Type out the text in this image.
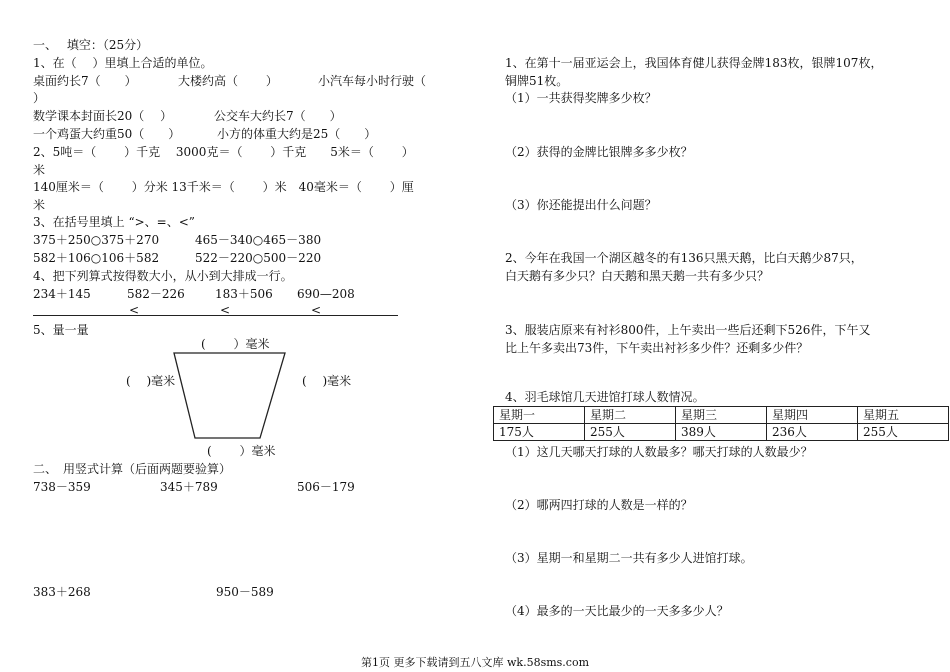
一、　 填空：（25分）
1、在（　 ）里填上合适的单位。
桌面约长7（　　）	大楼约高（　　 ）	小汽车每小时行驶（
）
数学课本封面长20（　 ）	公交车大约长7（　　）
一个鸡蛋大约重50（　　）	小方的体重大约是25（　　）
2、5吨＝（　　 ）千克　 3000克＝（　　 ）千克　　5米＝（　　 ）
米
140厘米＝（　　 ）分米 13千米＝（　　 ）米　40毫米＝（　　 ）厘
米
3、在括号里填上 “>、=、<”
375＋250○375＋270	465－340○465－380
582＋106○106＋582	522－220○500－220
4、把下列算式按得数大小，从小到大排成一行。
234＋145	582－226	183＋506 690—208
<	<	<
5、量一量
(　　 ）毫米
(　 )毫米	(　 )毫米
(　　 ）毫米
二、　用竖式计算（后面两题要验算）
738－359	345＋789	506－179
383＋268	950－589
1、在第十一届亚运会上，我国体育健儿获得金牌183枚，银牌107枚，
铜牌51枚。
（1）一共获得奖牌多少枚？
（2）获得的金牌比银牌多多少枚？
（3）你还能提出什么问题？
2、今年在我国一个湖区越冬的有136只黑天鹅，比白天鹅少87只，
白天鹅有多少只？白天鹅和黑天鹅一共有多少只？
3、服装店原来有衬衫800件，上午卖出一些后还剩下526件，下午又
比上午多卖出73件，下午卖出衬衫多少件？还剩多少件？
4、羽毛球馆几天进馆打球人数情况。
星期一	星期二	星期三	星期四	星期五
175人	255人	389人	236人	255人
（1）这几天哪天打球的人数最多？哪天打球的人数最少？
（2）哪两四打球的人数是一样的？
（3）星期一和星期二一共有多少人进馆打球。
（4）最多的一天比最少的一天多多少人？
第1页 更多下载请到五八文库 wk.58sms.com
